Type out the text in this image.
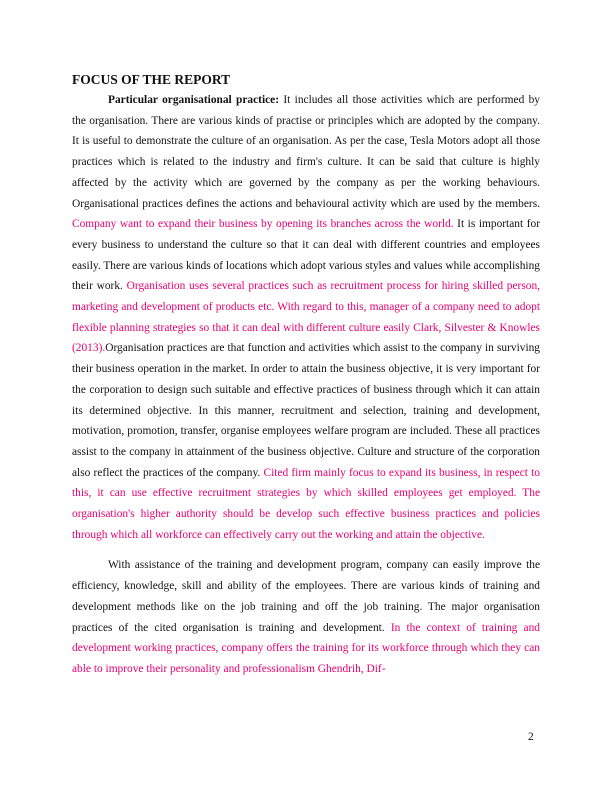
FOCUS OF THE REPORT

Particular organisational practice: It includes all those activities which are performed by the organisation. There are various kinds of practise or principles which are adopted by the company. It is useful to demonstrate the culture of an organisation. As per the case, Tesla Motors adopt all those practices which is related to the industry and firm's culture. It can be said that culture is highly affected by the activity which are governed by the company as per the working behaviours. Organisational practices defines the actions and behavioural activity which are used by the members. Company want to expand their business by opening its branches across the world. It is important for every business to understand the culture so that it can deal with different countries and employees easily. There are various kinds of locations which adopt various styles and values while accomplishing their work. Organisation uses several practices such as recruitment process for hiring skilled person, marketing and development of products etc. With regard to this, manager of a company need to adopt flexible planning strategies so that it can deal with different culture easily Clark, Silvester & Knowles (2013).Organisation practices are that function and activities which assist to the company in surviving their business operation in the market. In order to attain the business objective, it is very important for the corporation to design such suitable and effective practices of business through which it can attain its determined objective. In this manner, recruitment and selection, training and development, motivation, promotion, transfer, organise employees welfare program are included. These all practices assist to the company in attainment of the business objective. Culture and structure of the corporation also reflect the practices of the company. Cited firm mainly focus to expand its business, in respect to this, it can use effective recruitment strategies by which skilled employees get employed. The organisation's higher authority should be develop such effective business practices and policies through which all workforce can effectively carry out the working and attain the objective.

With assistance of the training and development program, company can easily improve the efficiency, knowledge, skill and ability of the employees. There are various kinds of training and development methods like on the job training and off the job training. The major organisation practices of the cited organisation is training and development. In the context of training and development working practices, company offers the training for its workforce through which they can able to improve their personality and professionalism Ghendrih, Dif-

2
